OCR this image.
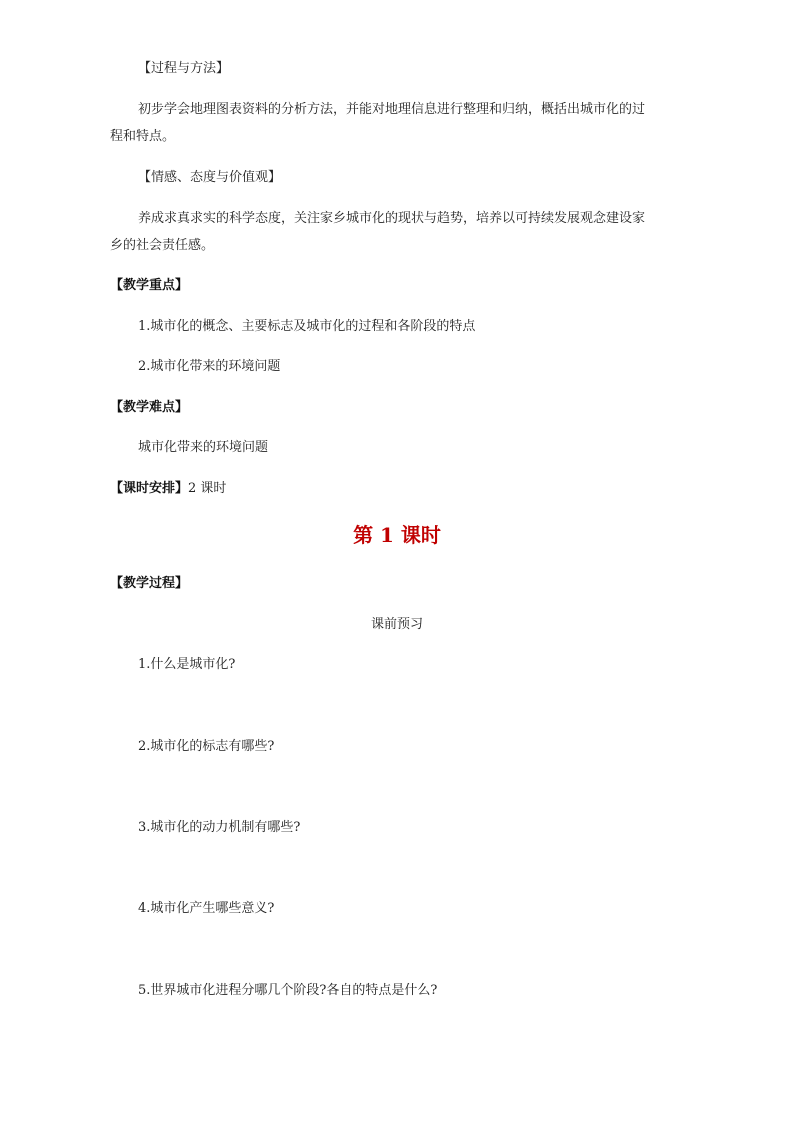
【过程与方法】
初步学会地理图表资料的分析方法，并能对地理信息进行整理和归纳，概括出城市化的过
程和特点。
【情感、态度与价值观】
养成求真求实的科学态度，关注家乡城市化的现状与趋势，培养以可持续发展观念建设家
乡的社会责任感。
【教学重点】
1.城市化的概念、主要标志及城市化的过程和各阶段的特点
2.城市化带来的环境问题
【教学难点】
城市化带来的环境问题
【课时安排】2 课时
第 1 课时
【教学过程】
课前预习
1.什么是城市化?
2.城市化的标志有哪些?
3.城市化的动力机制有哪些?
4.城市化产生哪些意义?
5.世界城市化进程分哪几个阶段?各自的特点是什么?
